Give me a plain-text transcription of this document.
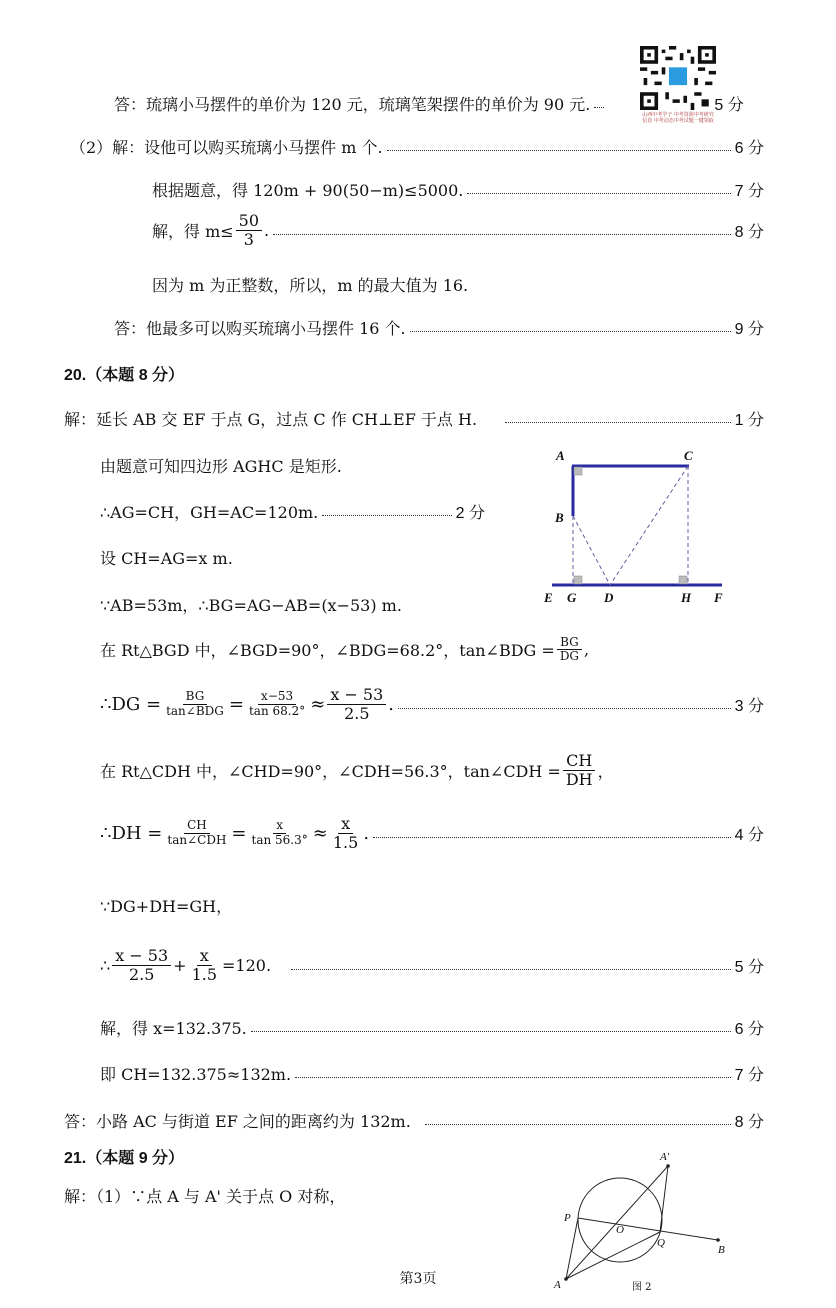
山西中考学子 中考资源中考研究信息 中考动态中考试题一键领取
答：琉璃小马摆件的单价为 120 元，琉璃笔架摆件的单价为 90 元.	5 分
（2）解：设他可以购买琉璃小马摆件 m 个.	6 分
根据题意，得 120m + 90(50−m)≤5000.	7 分
解，得 $m\le \frac{50}{3}$ .	8 分
因为 m 为正整数，所以，m 的最大值为 16.
答：他最多可以购买琉璃小马摆件 16 个.	9 分
20.（本题 8 分）
解：延长 AB 交 EF 于点 G，过点 C 作 CH⊥EF 于点 H.	1 分
由题意可知四边形 AGHC 是矩形.
∴AG=CH，GH=AC=120m.	2 分
设 CH=AG=x m.
∵AB=53m，∴BG=AG−AB=(x−53) m.
在 Rt△BGD 中，∠BGD=90°，∠BDG=68.2°，tan∠BDG = $\frac{BG}{DG}$ ,
∴DG = $\frac{BG}{\text{tan∠BDG}} = \frac{x-53}{\tan 68.2^\circ} \approx \frac{x - 53}{2.5}$ .	3 分
在 Rt△CDH 中，∠CHD=90°，∠CDH=56.3°，tan∠CDH = $\frac{CH}{DH}$ ，
∴DH = $\frac{CH}{\text{tan∠CDH}} = \frac{x}{\tan 56.3^\circ} \approx \frac{x}{1.5}$ .	4 分
∵DG+DH=GH，
∴ $\frac{x - 53}{2.5} + \frac{x}{1.5} =120$.	5 分
解，得 x=132.375.	6 分
即 CH=132.375≈132m.	7 分
答：小路 AC 与街道 EF 之间的距离约为 132m.	8 分
A	C
B
E G D	H F
21.（本题 9 分）
解：（1）∵点 A 与 A' 关于点 O 对称，
A'
P
O
Q
B
A	图 2
第3页
